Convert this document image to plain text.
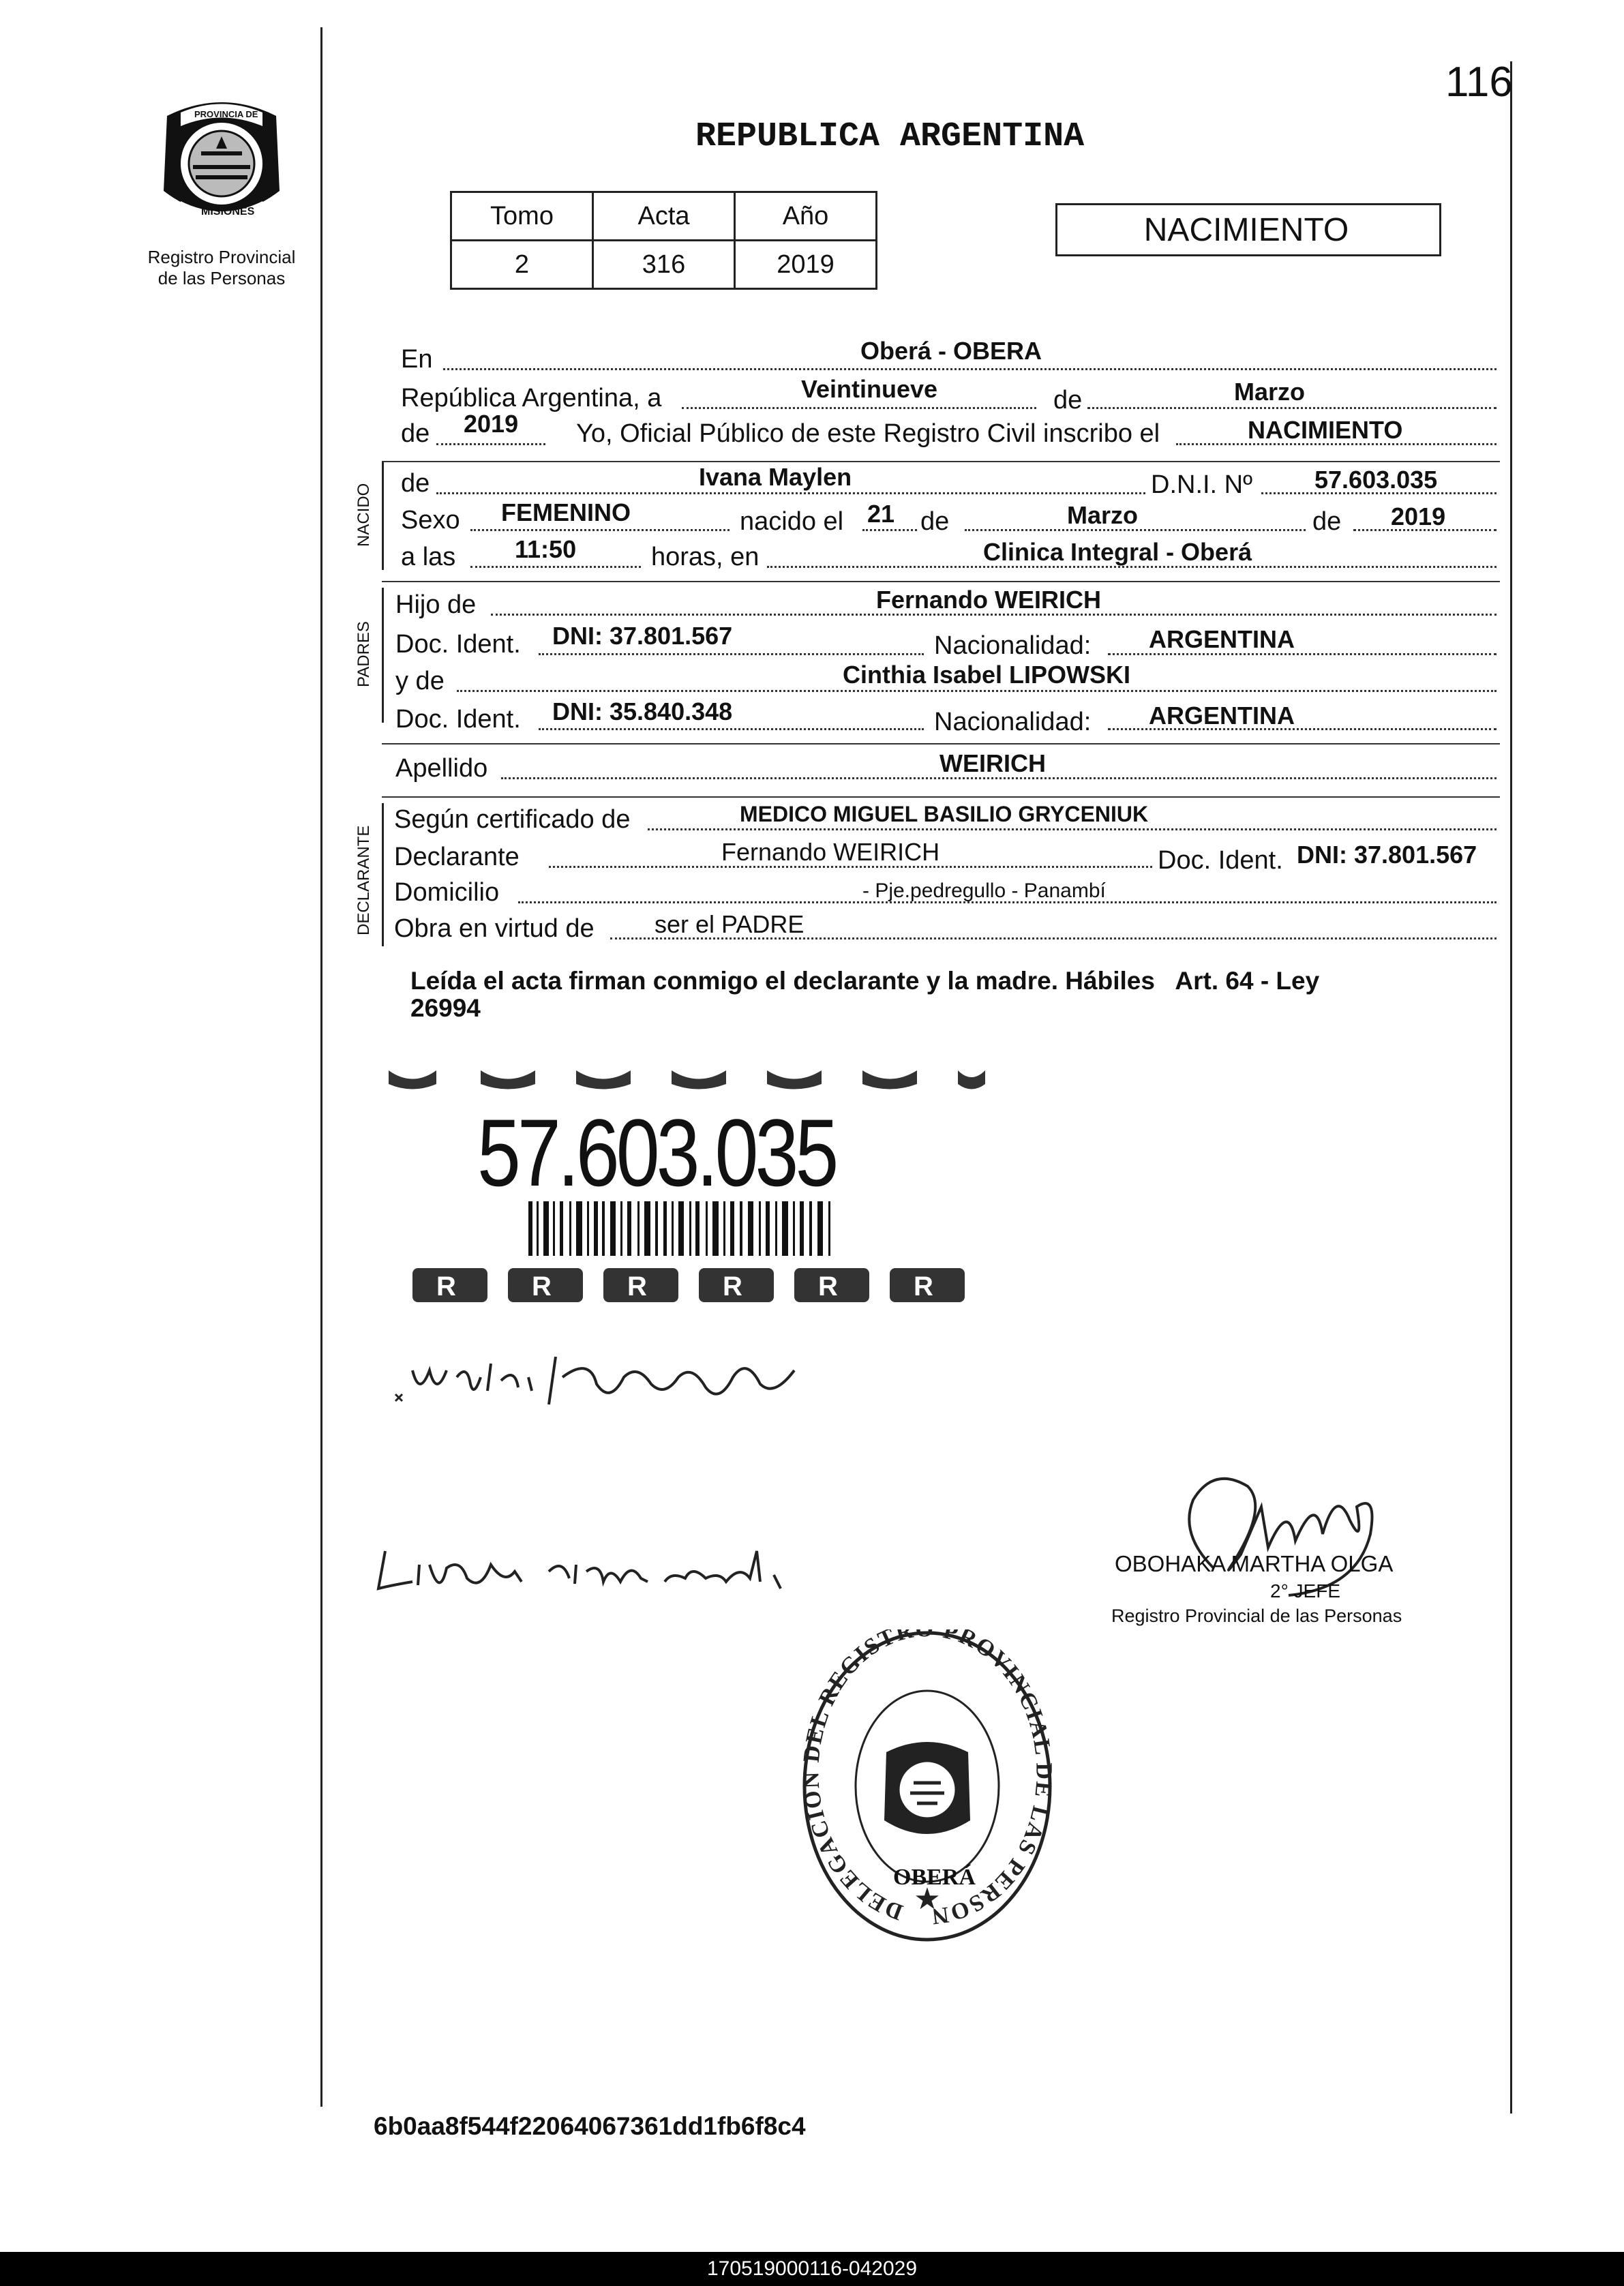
116
PROVINCIA DE
MISIONES
Registro Provincial
de las Personas
REPUBLICA ARGENTINA
NACIMIENTO
Tomo	Acta	Año
2	316	2019
En	Oberá - OBERA
República Argentina, a	Veintinueve	de	Marzo
de 2019 Yo, Oficial Público de este Registro Civil inscribo el	NACIMIENTO
NACIDO de	Ivana Maylen	D.N.I. Nº	57.603.035
Sexo FEMENINO	nacido el 21 de	Marzo	de 2019
a las 11:50	horas, en	Clinica Integral - Oberá
PADRES
Hijo de	Fernando WEIRICH
Doc. Ident. DNI: 37.801.567	Nacionalidad: ARGENTINA
y de	Cinthia Isabel LIPOWSKI
Doc. Ident. DNI: 35.840.348	Nacionalidad: ARGENTINA
Apellido	WEIRICH
DECLARANTE
Según certificado de	MEDICO MIGUEL BASILIO GRYCENIUK
Declarante	Fernando WEIRICH	Doc. Ident. DNI: 37.801.567
Domicilio	- Pje.pedregullo - Panambí
Obra en virtud de ser el PADRE
Leída el acta firman conmigo el declarante y la madre. Hábiles   Art. 64 - Ley
26994
R	R	R	R	R	R
57.603.035
OBOHAKA MARTHA OLGA
2° JEFE
Registro Provincial de las Personas
DELEGACIO DEL REGISTR PROVINCIAL LAS PERSON
★
OBERÁ
6b0aa8f544f22064067361dd1fb6f8c4
170519000116-042029
